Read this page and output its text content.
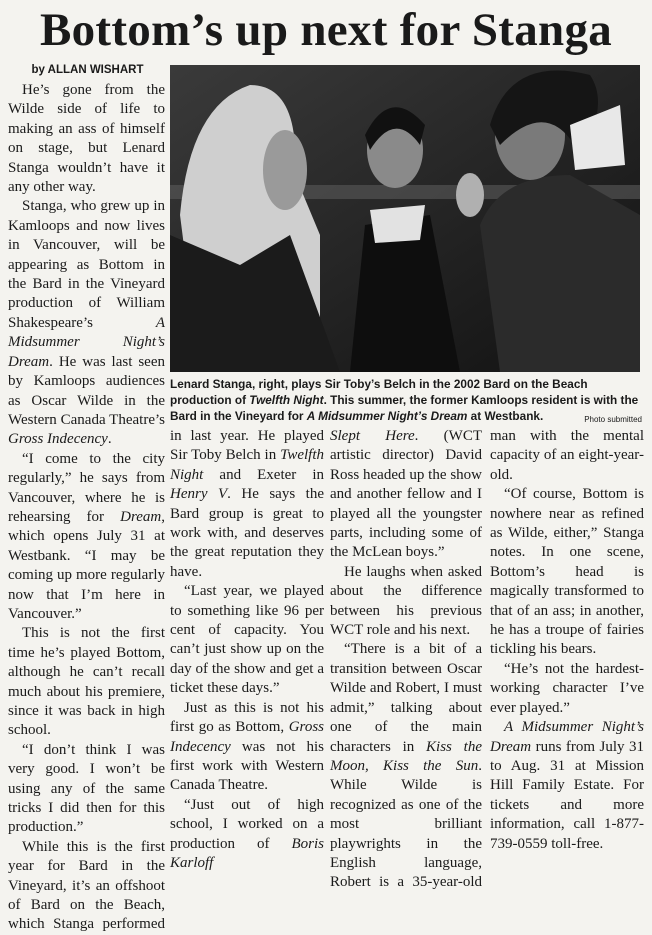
Bottom’s up next for Stanga
by ALLAN WISHART
Lenard Stanga, right, plays Sir Toby’s Belch in the 2002 Bard on the Beach production of Twelfth Night. This summer, the former Kamloops resident is with the Bard in the Vineyard for A Midsummer Night’s Dream at Westbank.	Photo submitted

He’s gone from the Wilde side of life to making an ass of himself on stage, but Lenard Stanga wouldn’t have it any other way.

Stanga, who grew up in Kamloops and now lives in Vancouver, will be appearing as Bottom in the Bard in the Vineyard production of William Shakespeare’s A Midsummer Night’s Dream. He was last seen by Kamloops audiences as Oscar Wilde in the Western Canada Theatre’s Gross Indecency.

“I come to the city regularly,” he says from Vancouver, where he is rehearsing for Dream, which opens July 31 at Westbank. “I may be coming up more regularly now that I’m here in Vancouver.”

This is not the first time he’s played Bottom, although he can’t recall much about his premiere, since it was back in high school.

“I don’t think I was very good. I won’t be using any of the same tricks I did then for this production.”

While this is the first year for Bard in the Vineyard, it’s an offshoot of Bard on the Beach, which Stanga performed

in last year. He played Sir Toby Belch in Twelfth Night and Exeter in Henry V. He says the Bard group is great to work with, and deserves the great reputation they have.

“Last year, we played to something like 96 per cent of capacity. You can’t just show up on the day of the show and get a ticket these days.”

Just as this is not his first go as Bottom, Gross Indecency was not his first work with Western Canada Theatre.

“Just out of high school, I worked on a production of Boris Karloff

Slept Here. (WCT artistic director) David Ross headed up the show and another fellow and I played all the youngster parts, including some of the McLean boys.”

He laughs when asked about the difference between his previous WCT role and his next.

“There is a bit of a transition between Oscar Wilde and Robert, I must admit,” talking about one of the main characters in Kiss the Moon, Kiss the Sun. While Wilde is recognized as one of the most brilliant playwrights in the English language, Robert is a 35-year-old

man with the mental capacity of an eight-year-old.

“Of course, Bottom is nowhere near as refined as Wilde, either,” Stanga notes. In one scene, Bottom’s head is magically transformed to that of an ass; in another, he has a troupe of fairies tickling his bears.

“He’s not the hardest-working character I’ve ever played.”

A Midsummer Night’s Dream runs from July 31 to Aug. 31 at Mission Hill Family Estate. For tickets and more information, call 1-877-739-0559 toll-free.
